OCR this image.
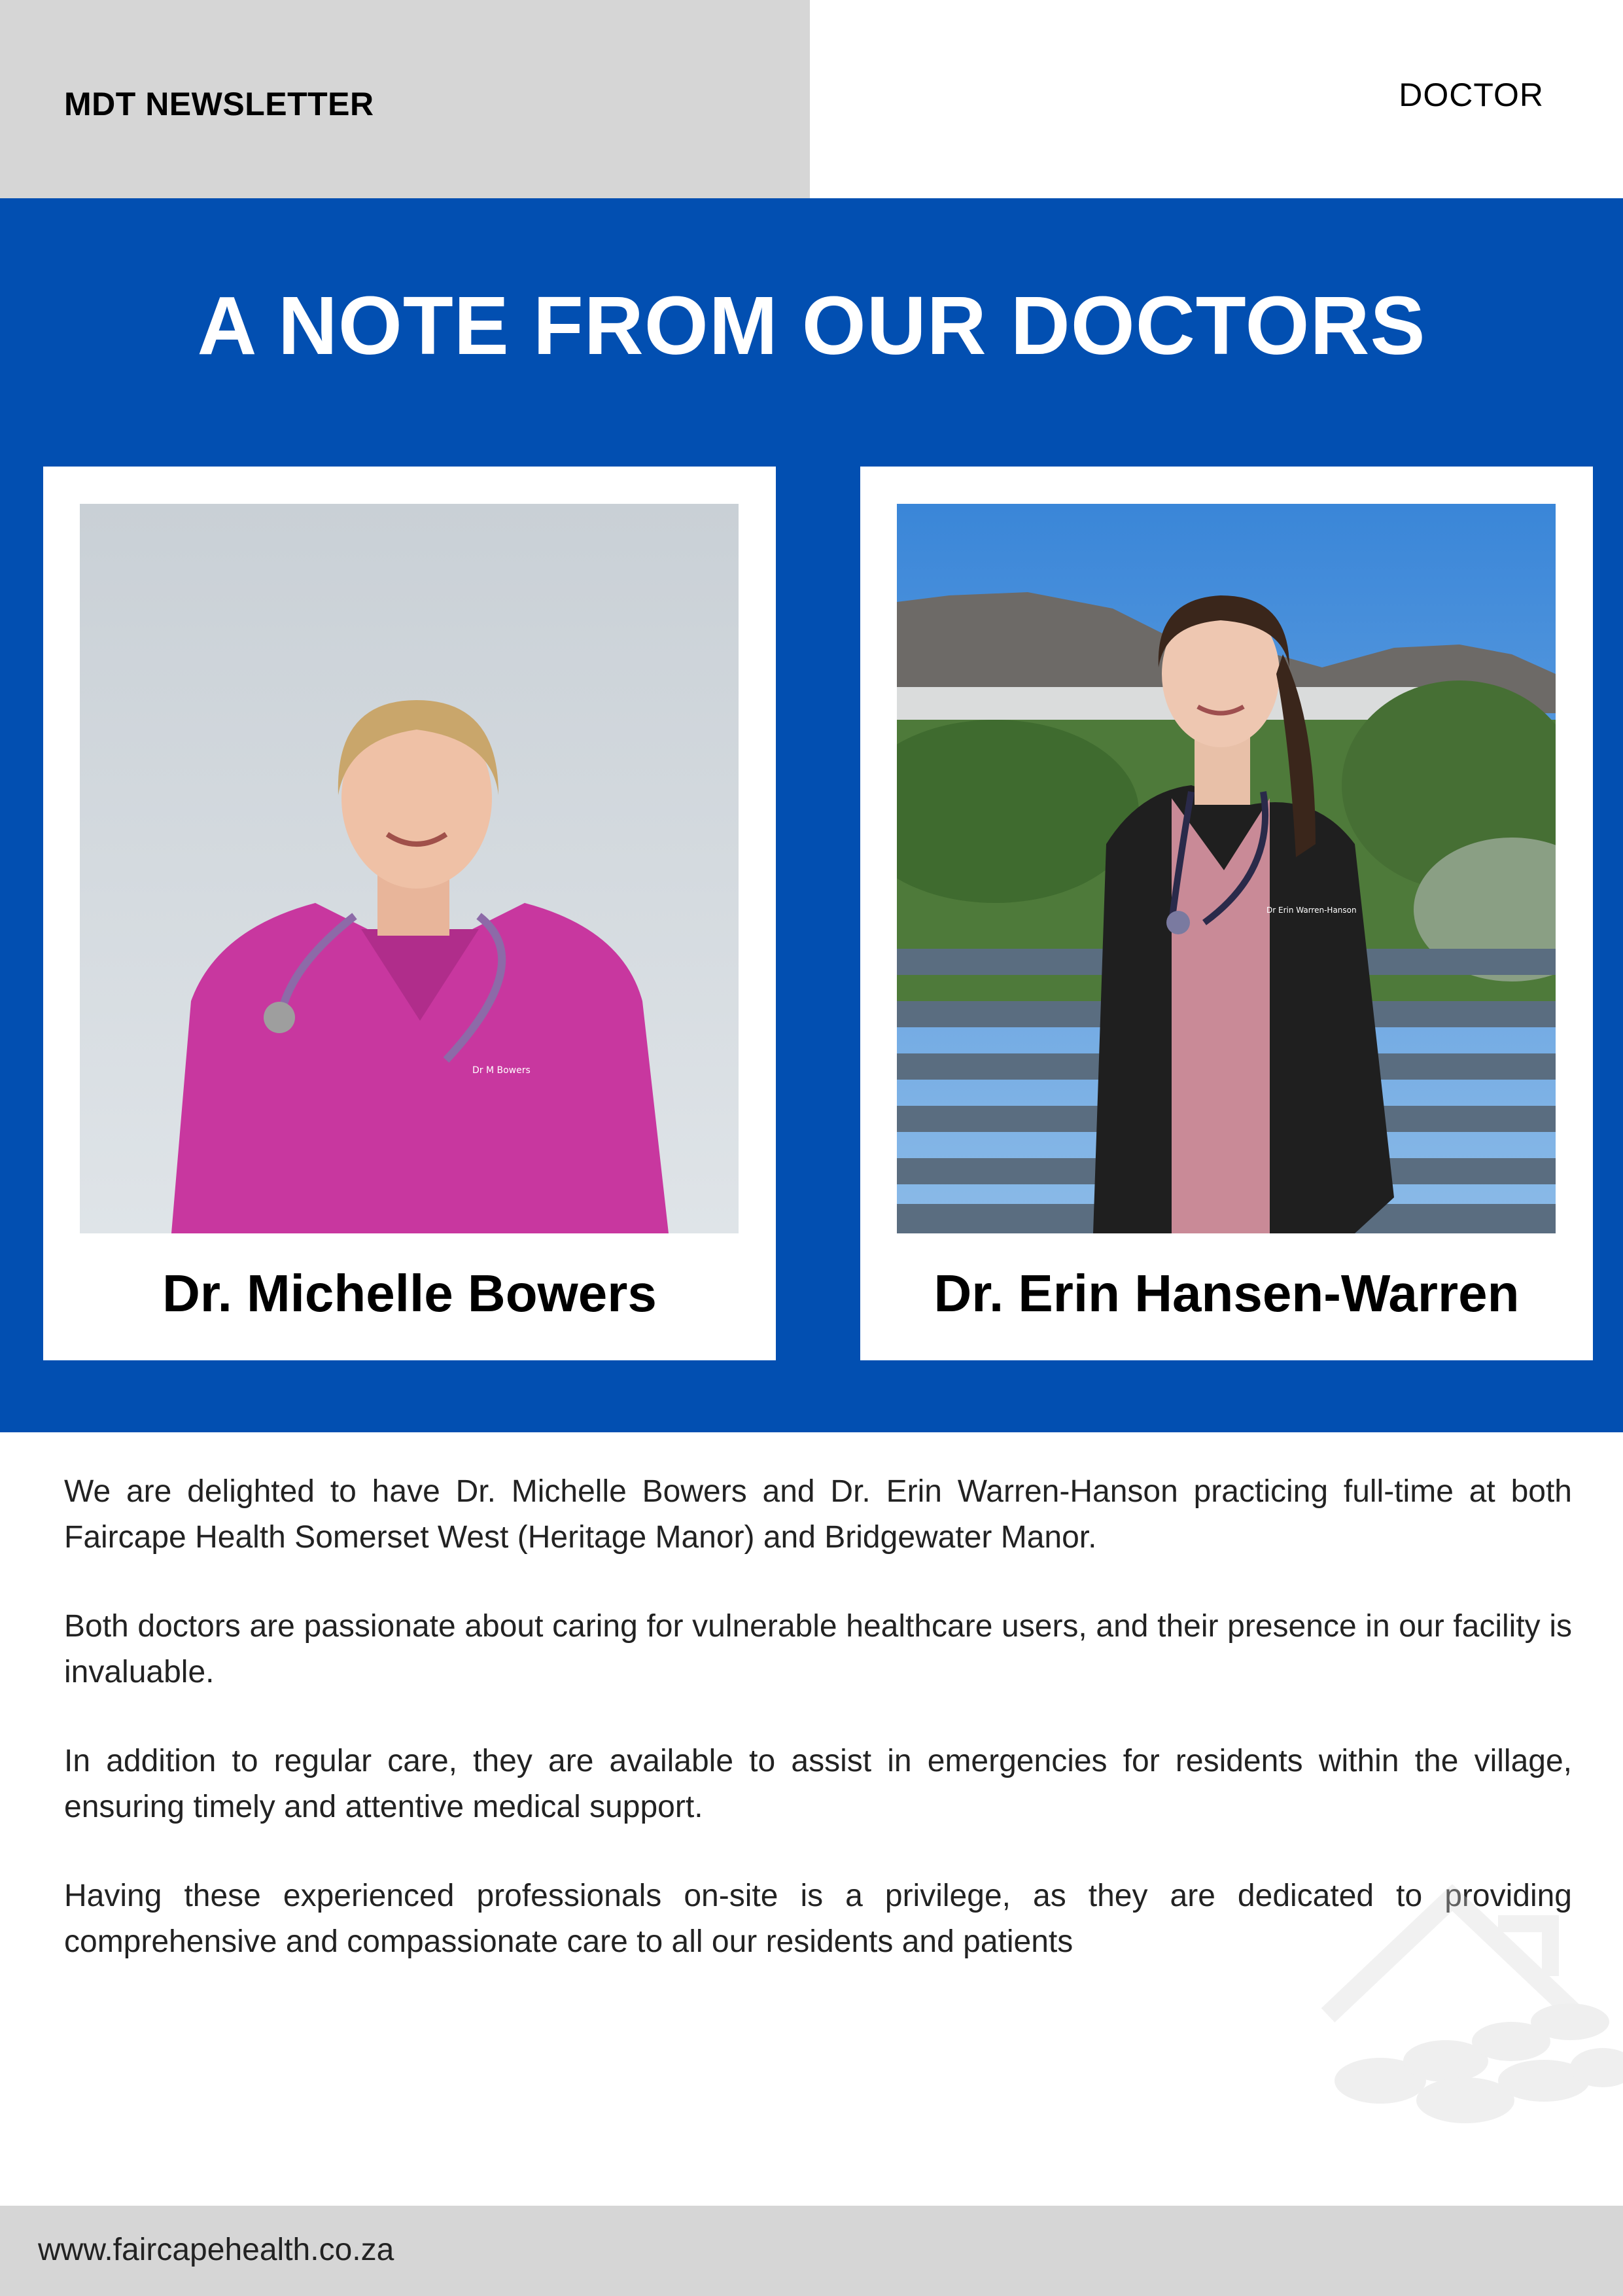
MDT NEWSLETTER	DOCTOR
A NOTE FROM OUR DOCTORS
Dr M Bowers
Dr. Michelle Bowers
Dr Erin Warren-Hanson
Dr. Erin Hansen-Warren

We are delighted to have Dr. Michelle Bowers and Dr. Erin Warren-Hanson practicing full-time at both Faircape Health Somerset West (Heritage Manor) and Bridgewater Manor.

Both doctors are passionate about caring for vulnerable healthcare users, and their presence in our facility is invaluable.

In addition to regular care, they are available to assist in emergencies for residents within the village, ensuring timely and attentive medical support.

Having these experienced professionals on-site is a privilege, as they are dedicated to providing comprehensive and compassionate care to all our residents and patients

www.faircapehealth.co.za
